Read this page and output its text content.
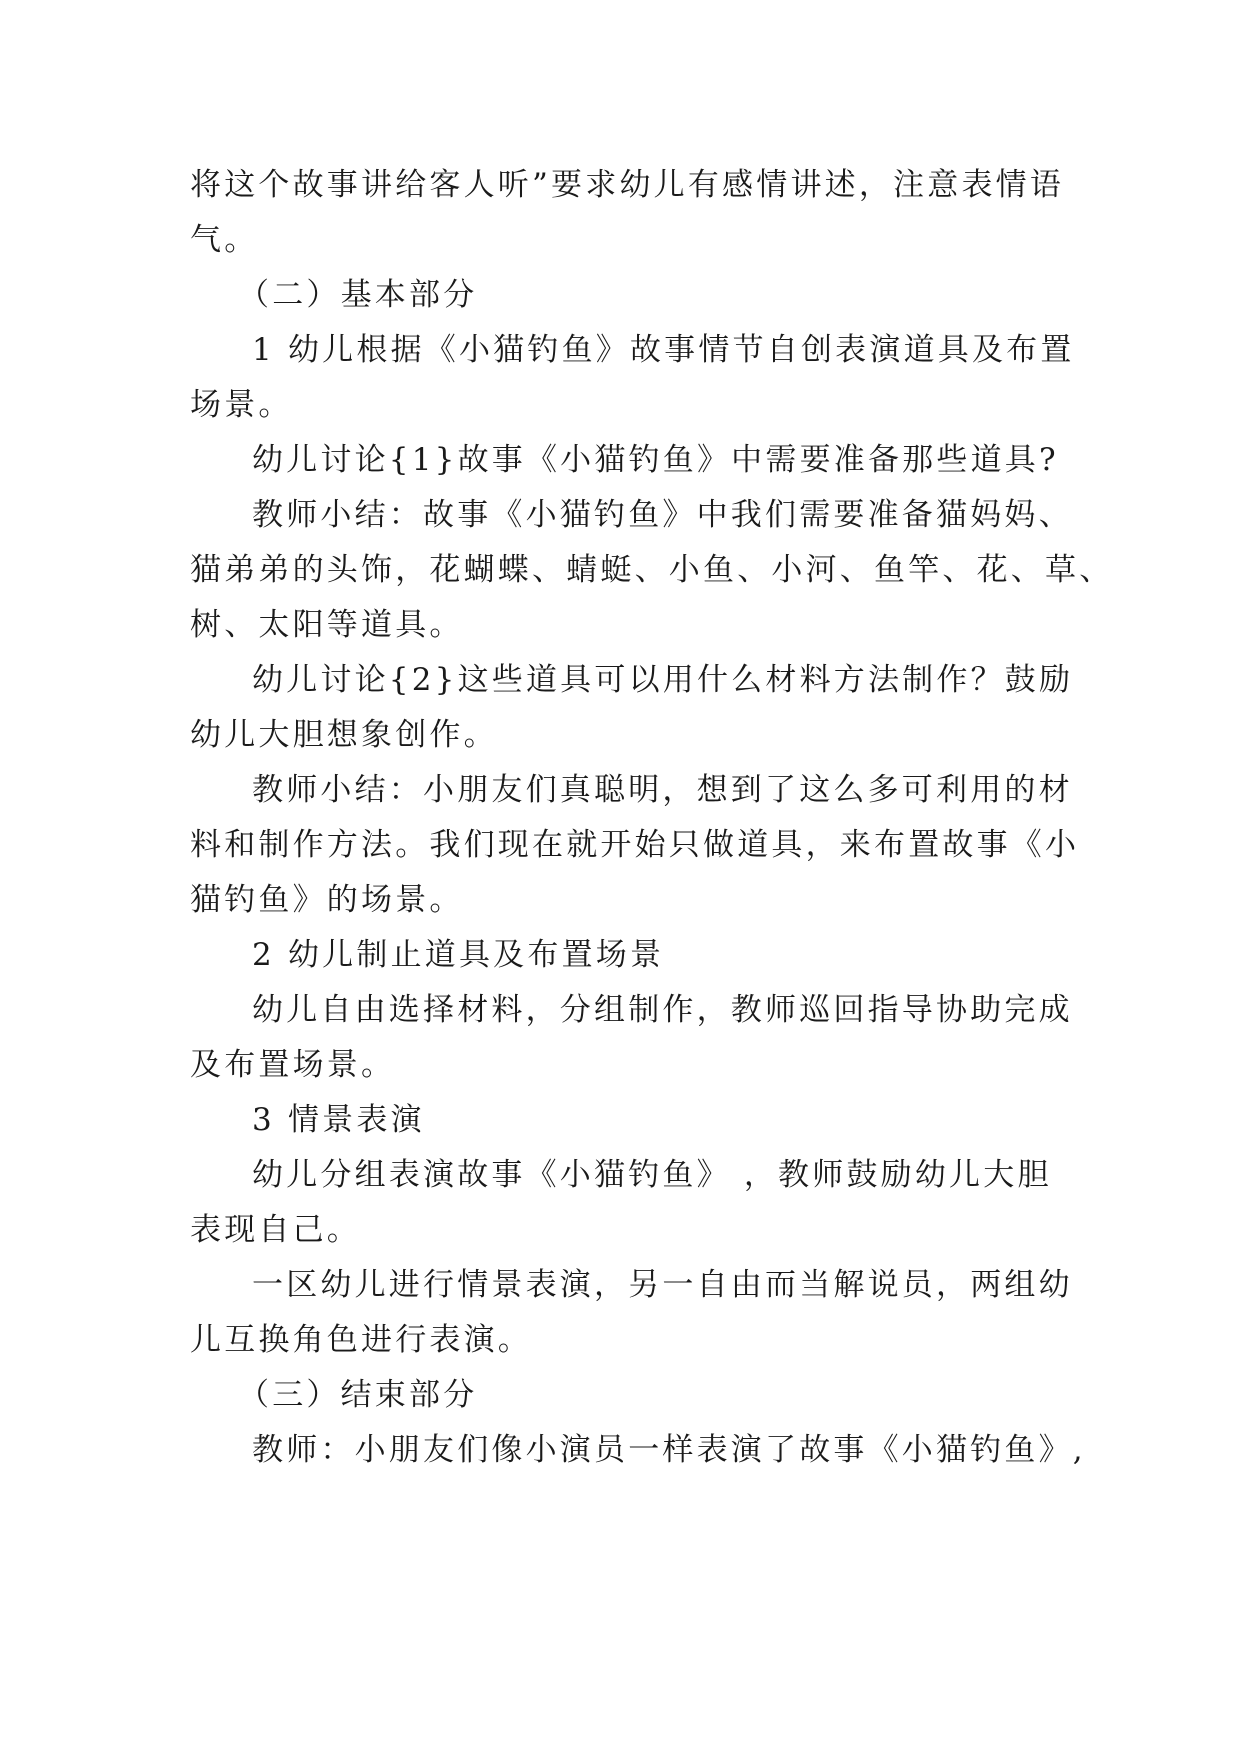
将这个故事讲给客人听”要求幼儿有感情讲述，注意表情语
气。
（二）基本部分
1 幼儿根据《小猫钓鱼》故事情节自创表演道具及布置
场景。
幼儿讨论{1}故事《小猫钓鱼》中需要准备那些道具?
教师小结：故事《小猫钓鱼》中我们需要准备猫妈妈、
猫弟弟的头饰，花蝴蝶、蜻蜓、小鱼、小河、鱼竿、花、草、
树、太阳等道具。
幼儿讨论{2}这些道具可以用什么材料方法制作？鼓励
幼儿大胆想象创作。
教师小结：小朋友们真聪明，想到了这么多可利用的材
料和制作方法。我们现在就开始只做道具，来布置故事《小
猫钓鱼》的场景。
2 幼儿制止道具及布置场景
幼儿自由选择材料，分组制作，教师巡回指导协助完成
及布置场景。
3 情景表演
幼儿分组表演故事《小猫钓鱼》 ，教师鼓励幼儿大胆
表现自己。
一区幼儿进行情景表演，另一自由而当解说员，两组幼
儿互换角色进行表演。
（三）结束部分
教师：小朋友们像小演员一样表演了故事《小猫钓鱼》,
